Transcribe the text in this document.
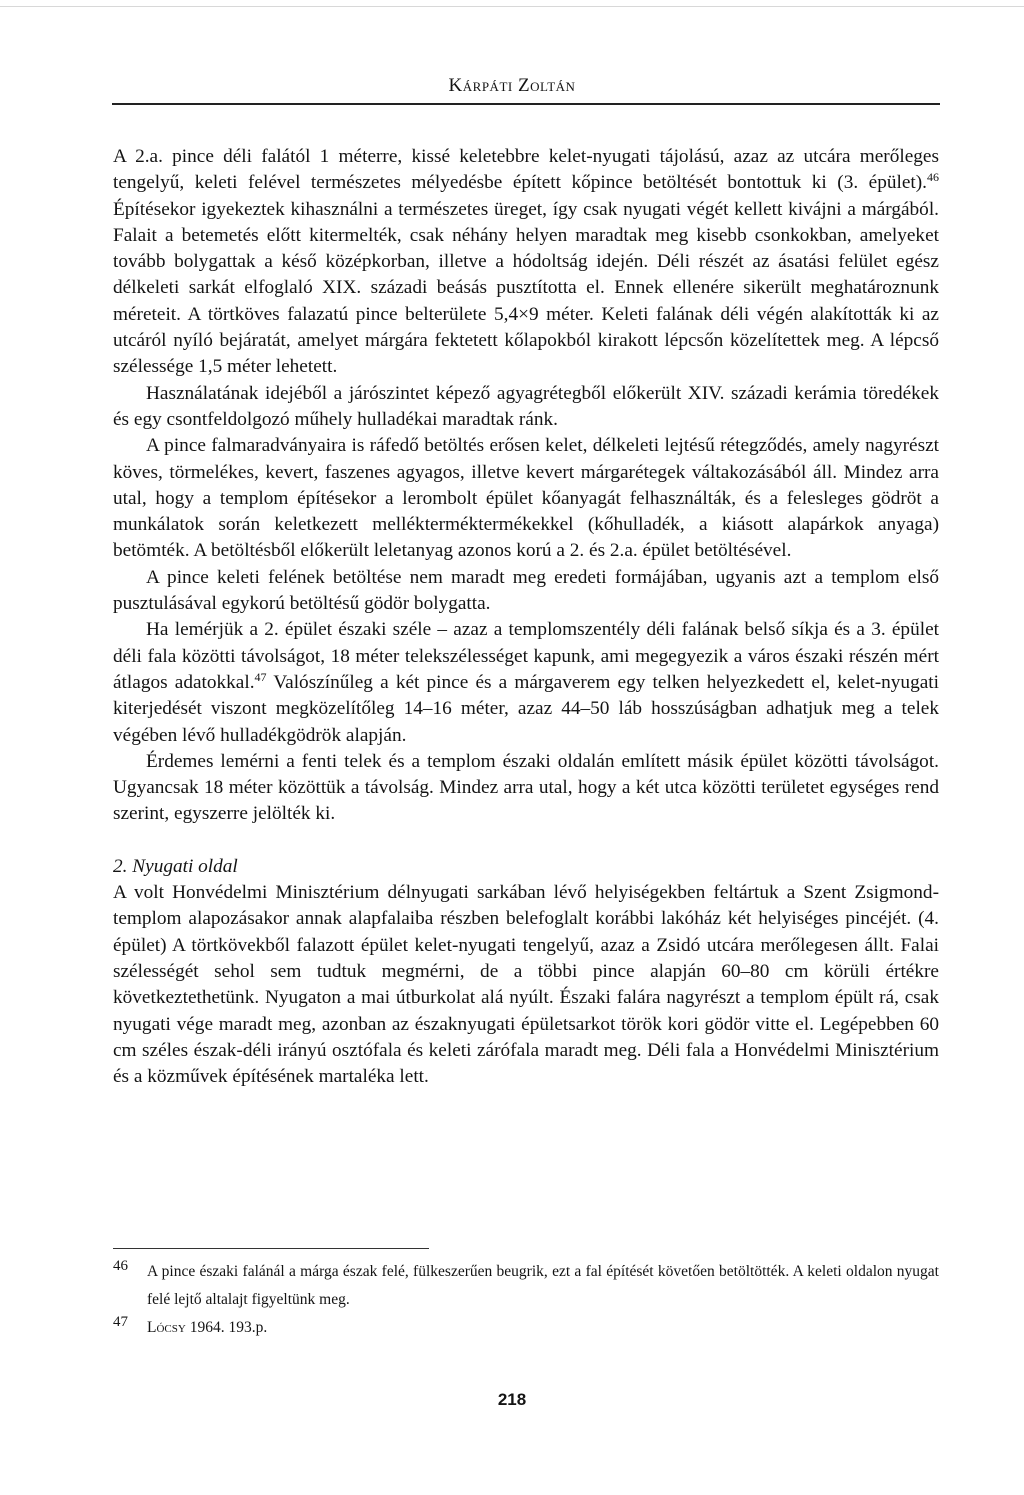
Kárpáti Zoltán

A 2.a. pince déli falától 1 méterre, kissé keletebbre kelet-nyugati tájolású, azaz az utcára merőleges tengelyű, keleti felével természetes mélyedésbe épített kőpince betöltését bontottuk ki (3. épület).$^{46}$ Építésekor igyekeztek kihasználni a természetes üreget, így csak nyugati végét kellett kivájni a márgából. Falait a betemetés előtt kitermelték, csak néhány helyen maradtak meg kisebb csonkokban, amelyeket tovább bolygattak a késő középkorban, illetve a hódoltság idején. Déli részét az ásatási felület egész délkeleti sarkát elfoglaló XIX. századi beásás pusztította el. Ennek ellenére sikerült meghatároznunk méreteit. A törtköves falazatú pince belterülete 5,4×9 méter. Keleti falának déli végén alakították ki az utcáról nyíló bejáratát, amelyet márgára fektetett kőlapokból kirakott lépcsőn közelítettek meg. A lépcső szélessége 1,5 méter lehetett.

Használatának idejéből a járószintet képező agyagrétegből előkerült XIV. századi kerámia töredékek és egy csontfeldolgozó műhely hulladékai maradtak ránk.

A pince falmaradványaira is ráfedő betöltés erősen kelet, délkeleti lejtésű rétegződés, amely nagyrészt köves, törmelékes, kevert, faszenes agyagos, illetve kevert márgarétegek váltakozásából áll. Mindez arra utal, hogy a templom építésekor a lerombolt épület kőanyagát felhasználták, és a felesleges gödröt a munkálatok során keletkezett mellékterméktermékekkel (kőhulladék, a kiásott alapárkok anyaga) betömték. A betöltésből előkerült leletanyag azonos korú a 2. és 2.a. épület betöltésével.

A pince keleti felének betöltése nem maradt meg eredeti formájában, ugyanis azt a templom első pusztulásával egykorú betöltésű gödör bolygatta.

Ha lemérjük a 2. épület északi széle – azaz a templomszentély déli falának belső síkja és a 3. épület déli fala közötti távolságot, 18 méter telekszélességet kapunk, ami megegyezik a város északi részén mért átlagos adatokkal.$^{47}$ Valószínűleg a két pince és a márgaverem egy telken helyezkedett el, kelet-nyugati kiterjedését viszont megközelítőleg 14–16 méter, azaz 44–50 láb hosszúságban adhatjuk meg a telek végében lévő hulladékgödrök alapján.

Érdemes lemérni a fenti telek és a templom északi oldalán említett másik épület közötti távolságot. Ugyancsak 18 méter közöttük a távolság. Mindez arra utal, hogy a két utca közötti területet egységes rend szerint, egyszerre jelölték ki.

2. Nyugati oldal

A volt Honvédelmi Minisztérium délnyugati sarkában lévő helyiségekben feltártuk a Szent Zsigmond-templom alapozásakor annak alapfalaiba részben belefoglalt korábbi lakóház két helyiséges pincéjét. (4. épület) A törtkövekből falazott épület kelet-nyugati tengelyű, azaz a Zsidó utcára merőlegesen állt. Falai szélességét sehol sem tudtuk megmérni, de a többi pince alapján 60–80 cm körüli értékre következtethetünk. Nyugaton a mai útburkolat alá nyúlt. Északi falára nagyrészt a templom épült rá, csak nyugati vége maradt meg, azonban az északnyugati épületsarkot török kori gödör vitte el. Legépebben 60 cm széles észak-déli irányú osztófala és keleti zárófala maradt meg. Déli fala a Honvédelmi Minisztérium és a közművek építésének martaléka lett.

46 A pince északi falánál a márga észak felé, fülkeszerűen beugrik, ezt a fal építését követően betöltötték. A keleti oldalon nyugat felé lejtő altalajt figyeltünk meg.

47 Lócsy 1964. 193.p.

218
